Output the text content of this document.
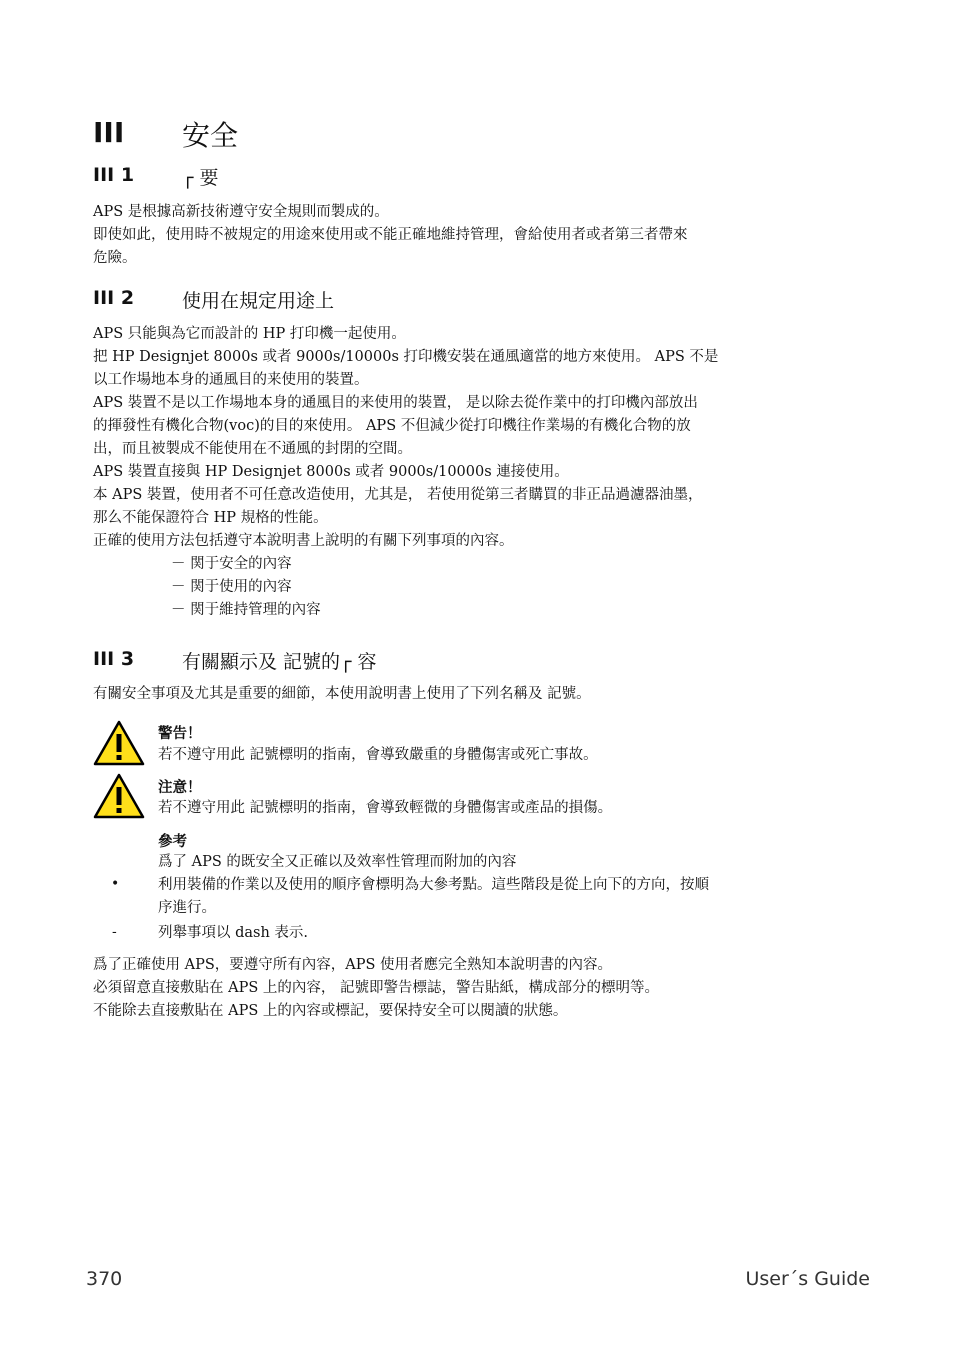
III 安全
III 1	┌ 要

APS 是根據高新技術遵守安全規則而製成的。

即使如此，使用時不被規定的用途來使用或不能正確地維持管理，會給使用者或者第三者帶來

危險。

III 2	使用在規定用途上

APS 只能與為它而設計的 HP 打印機一起使用。

把 HP Designjet 8000s 或者 9000s/10000s 打印機安裝在通風適當的地方來使用。 APS 不是

以工作場地本身的通風目的来使用的裝置。

APS 裝置不是以工作場地本身的通風目的来使用的裝置， 是以除去從作業中的打印機內部放出

的揮發性有機化合物(voc)的目的來使用。 APS 不但減少從打印機往作業場的有機化合物的放

出，而且被製成不能使用在不通風的封閉的空間。

APS 裝置直接與 HP Designjet 8000s 或者 9000s/10000s 連接使用。

本 APS 裝置，使用者不可任意改造使用，尤其是， 若使用從第三者購買的非正品過濾器油墨，

那么不能保證符合 HP 規格的性能。

正確的使用方法包括遵守本說明書上說明的有關下列事項的內容。

－ 関于安全的內容

－ 関于使用的內容

－ 関于維持管理的內容

III 3	有關顯示及 記號的┌ 容

有關安全事項及尤其是重要的細節，本使用說明書上使用了下列名稱及 記號。

警告！

若不遵守用此 記號標明的指南，會導致嚴重的身體傷害或死亡事故。

注意！

若不遵守用此 記號標明的指南，會導致輕微的身體傷害或產品的損傷。

參考

爲了 APS 的既安全又正確以及效率性管理而附加的內容

•	利用裝備的作業以及使用的順序會標明為大參考點。這些階段是從上向下的方向，按順

序進行。

-	列舉事項以 dash 表示.

爲了正確使用 APS，要遵守所有內容，APS 使用者應完全熟知本說明書的內容。

必須留意直接敷貼在 APS 上的內容， 記號即警告標誌，警告貼紙，構成部分的標明等。

不能除去直接敷貼在 APS 上的內容或標記，要保持安全可以閱讀的狀態。

370	User´s Guide
